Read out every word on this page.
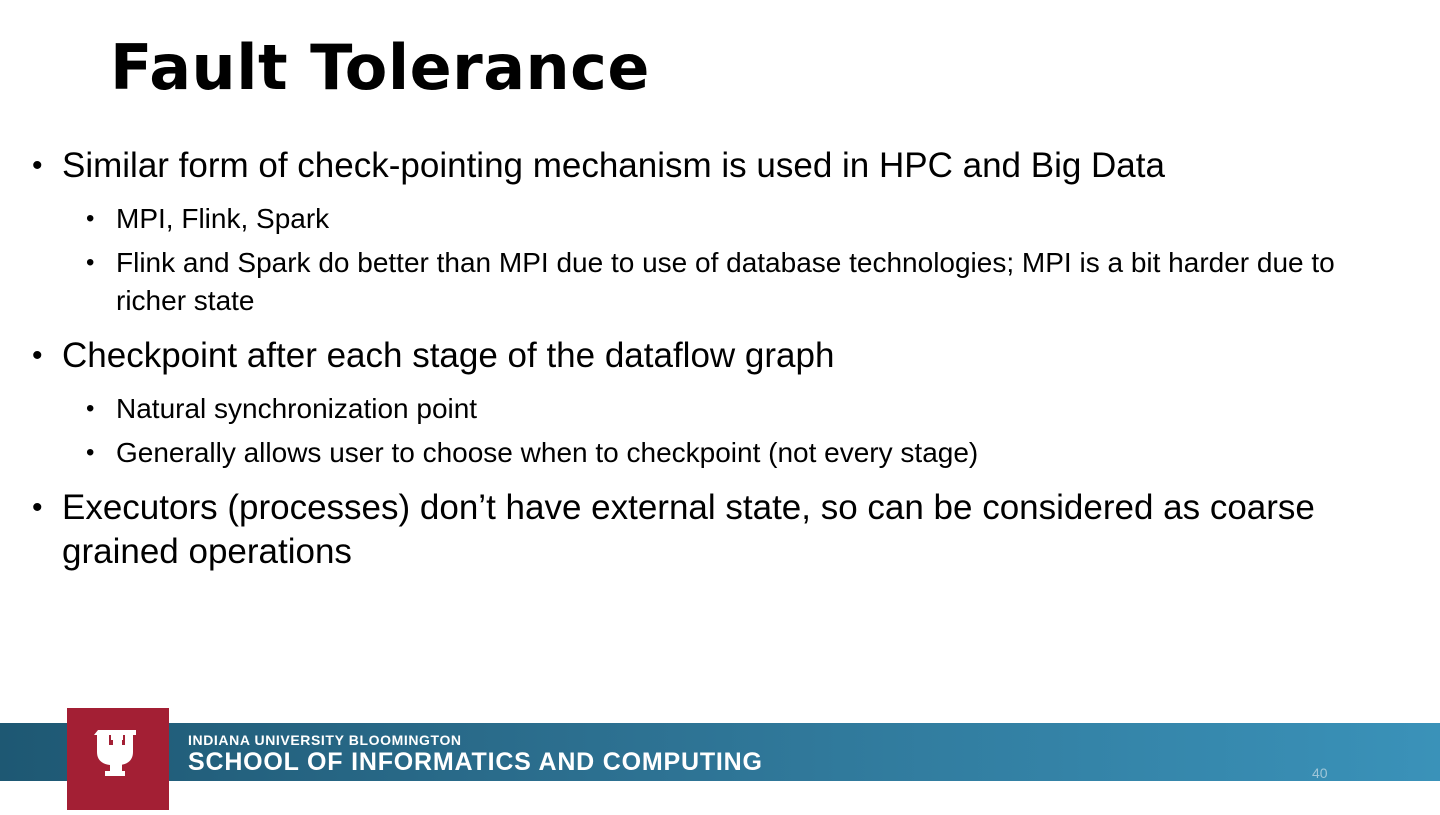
Fault Tolerance
• Similar form of check-pointing mechanism is used in HPC and Big Data
• MPI, Flink, Spark
• Flink and Spark do better than MPI due to use of database technologies; MPI is a bit harder due to richer state
• Checkpoint after each stage of the dataflow graph
• Natural synchronization point
• Generally allows user to choose when to checkpoint (not every stage)
• Executors (processes) don’t have external state, so can be considered as coarse grained operations
INDIANA UNIVERSITY BLOOMINGTON
SCHOOL OF INFORMATICS AND COMPUTING	40
